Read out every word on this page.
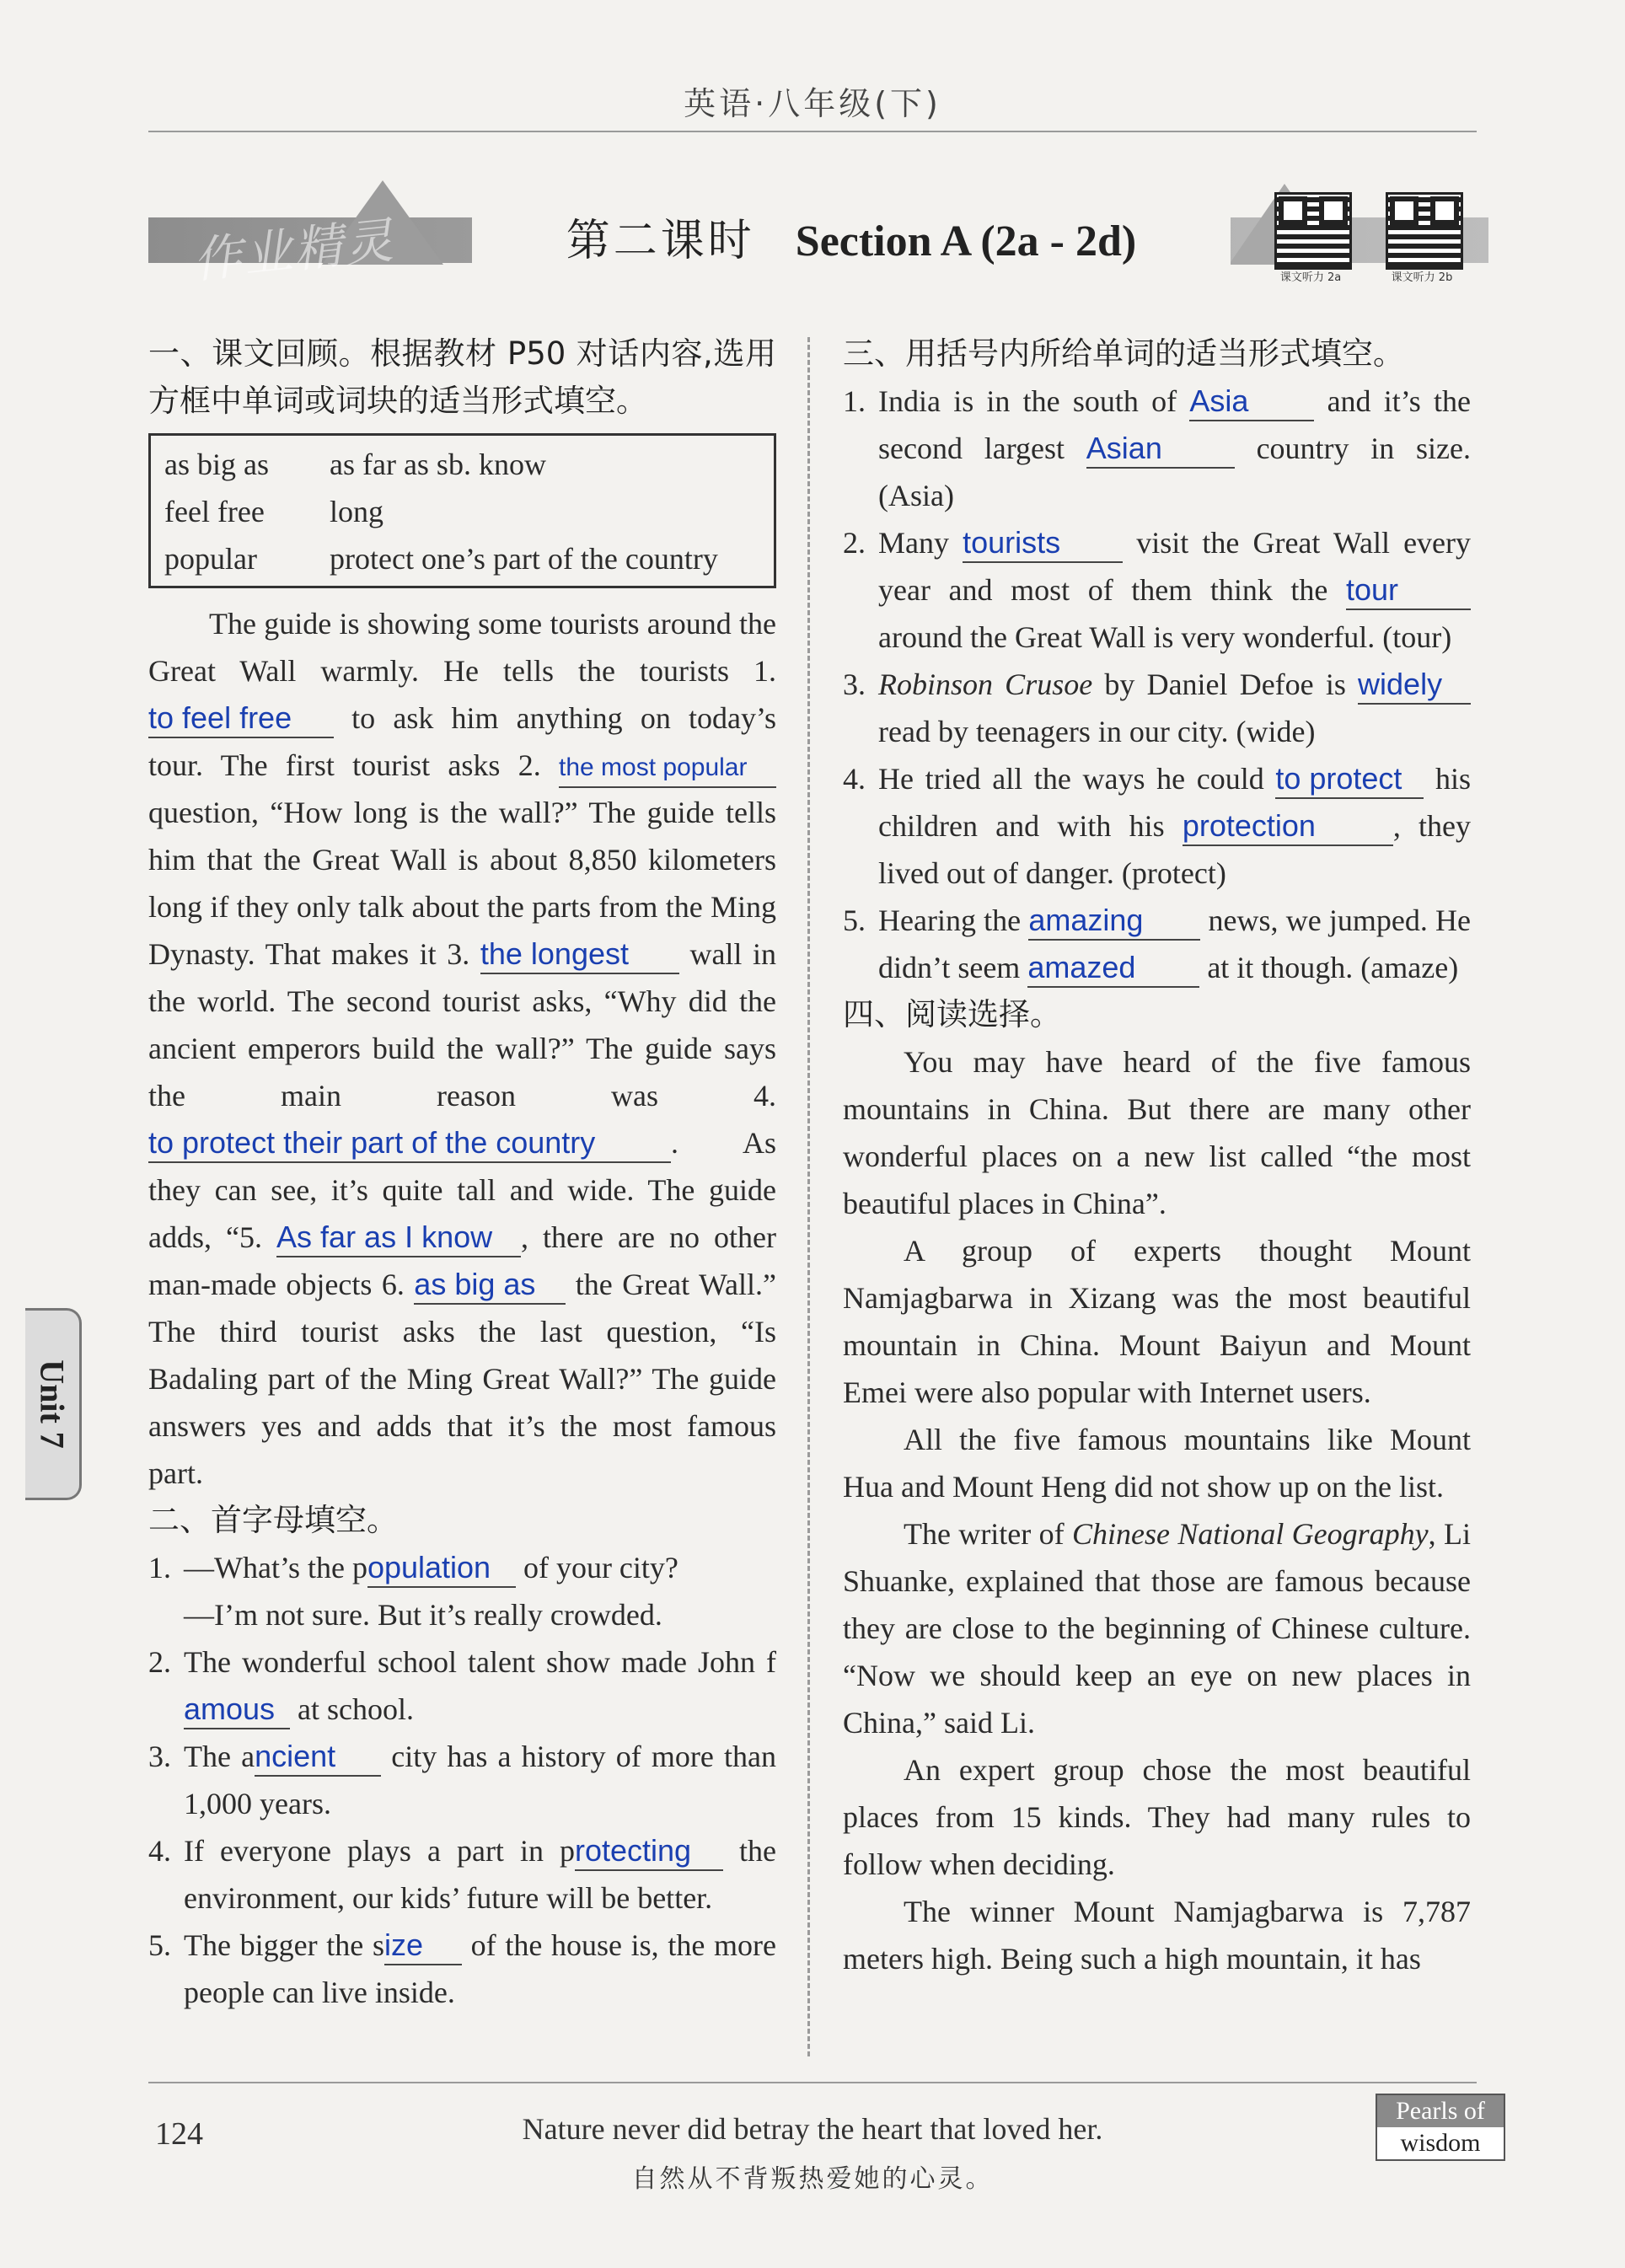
英语·八年级(下)
作业精灵	第二课时 Section A (2a - 2d)
课文听力 2a	课文听力 2b
Unit 7
一、课文回顾。根据教材 P50 对话内容,选用方框中单词或词块的适当形式填空。
as big as	as far as sb. know
feel free	long
popular	protect one’s part of the country

The guide is showing some tourists around the Great Wall warmly. He tells the tourists 1. to feel free to ask him anything on today’s tour. The first tourist asks 2. the most popular question, “How long is the wall?” The guide tells him that the Great Wall is about 8,850 kilometers long if they only talk about the parts from the Ming Dynasty. That makes it 3. the longest wall in the world. The second tourist asks, “Why did the ancient emperors build the wall?” The guide says the main reason was 4. to protect their part of the country . As they can see, it’s quite tall and wide. The guide adds, “5. As far as I know , there are no other man-made objects 6. as big as the Great Wall.” The third tourist asks the last question, “Is Badaling part of the Ming Great Wall?” The guide answers yes and adds that it’s the most famous part.

二、首字母填空。
1. —What’s the population of your city?
—I’m not sure. But it’s really crowded.
2. The wonderful school talent show made John famous at school.
3. The ancient city has a history of more than 1,000 years.
4. If everyone plays a part in protecting the environment, our kids’ future will be better.
5. The bigger the size of the house is, the more people can live inside.
三、用括号内所给单词的适当形式填空。
1. India is in the south of Asia	and it’s the second largest Asian	country in size. (Asia)
2. Many tourists	visit the Great Wall every year and most of them think the tour around the Great Wall is very wonderful. (tour)
3. Robinson Crusoe by Daniel Defoe is widely read by teenagers in our city. (wide)
4. He tried all the ways he could to protect his children and with his protection	, they lived out of danger. (protect)
5. Hearing the amazing news, we jumped. He didn’t seem amazed at it though. (amaze)
四、阅读选择。

You may have heard of the five famous mountains in China. But there are many other wonderful places on a new list called “the most beautiful places in China”.

A group of experts thought Mount Namjagbarwa in Xizang was the most beautiful mountain in China. Mount Baiyun and Mount Emei were also popular with Internet users.

All the five famous mountains like Mount Hua and Mount Heng did not show up on the list.

The writer of Chinese National Geography, Li Shuanke, explained that those are famous because they are close to the beginning of Chinese culture. “Now we should keep an eye on new places in China,” said Li.

An expert group chose the most beautiful places from 15 kinds. They had many rules to follow when deciding.

The winner Mount Namjagbarwa is 7,787 meters high. Being such a high mountain, it has

124	Nature never did betray the heart that loved her.
自然从不背叛热爱她的心灵。
Pearls of
wisdom
